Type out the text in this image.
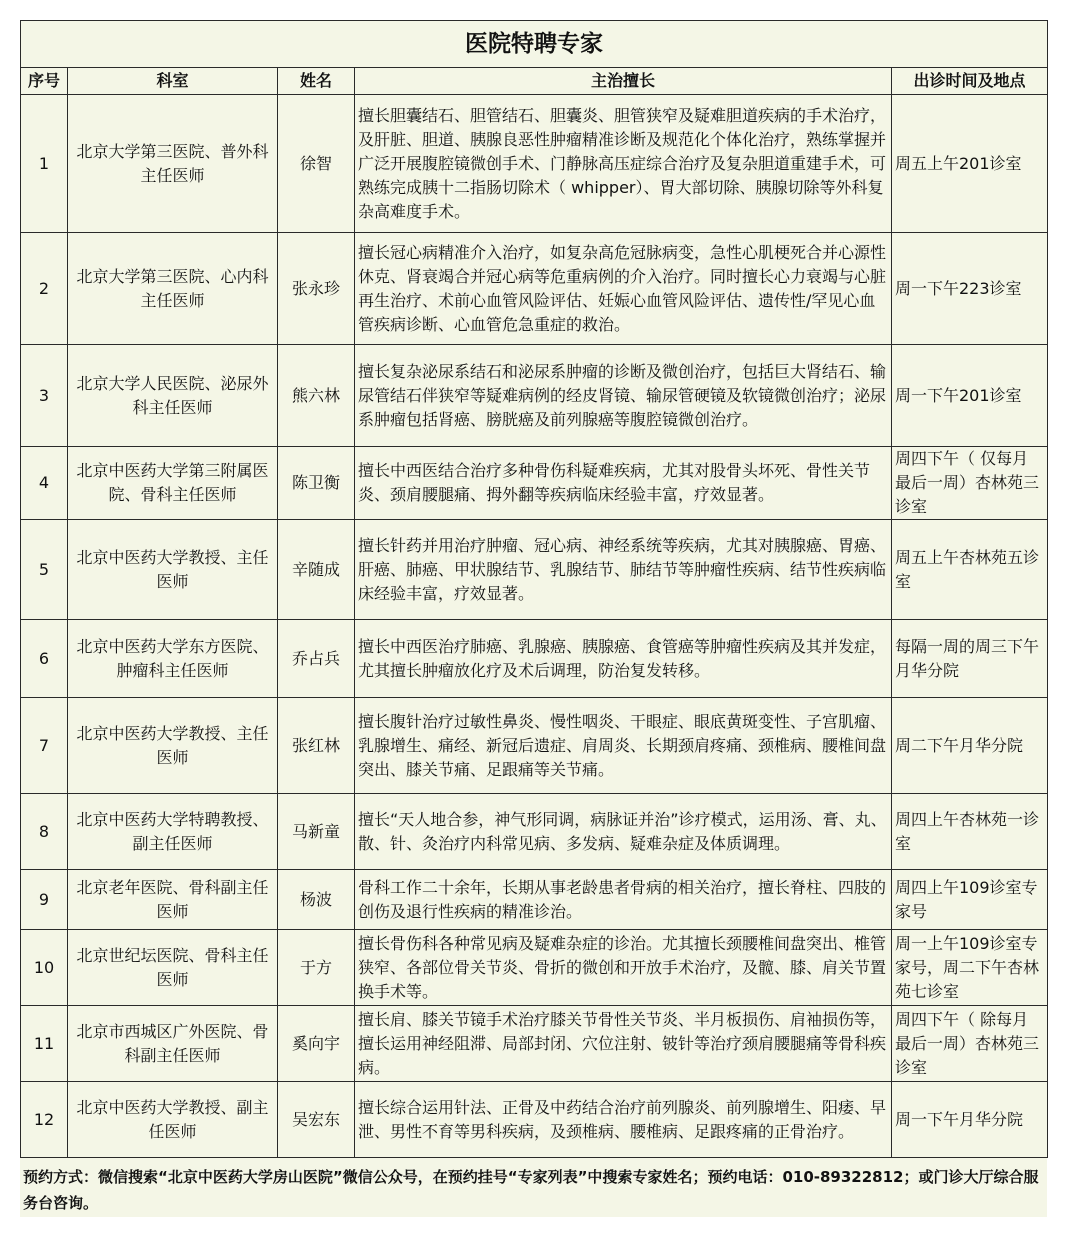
医院特聘专家				
序号	科室	姓名	主治擅长	出诊时间及地点
1	北京大学第三医院、普外科主任医师	徐智	擅长胆囊结石、胆管结石、胆囊炎、胆管狭窄及疑难胆道疾病的手术治疗，及肝脏、胆道、胰腺良恶性肿瘤精准诊断及规范化个体化治疗，熟练掌握并广泛开展腹腔镜微创手术、门静脉高压症综合治疗及复杂胆道重建手术，可熟练完成胰十二指肠切除术（ whipper）、胃大部切除、胰腺切除等外科复杂高难度手术。	周五上午201诊室
2	北京大学第三医院、心内科主任医师	张永珍	擅长冠心病精准介入治疗，如复杂高危冠脉病变，急性心肌梗死合并心源性休克、肾衰竭合并冠心病等危重病例的介入治疗。同时擅长心力衰竭与心脏再生治疗、术前心血管风险评估、妊娠心血管风险评估、遗传性/罕见心血管疾病诊断、心血管危急重症的救治。	周一下午223诊室
3	北京大学人民医院、泌尿外科主任医师	熊六林	擅长复杂泌尿系结石和泌尿系肿瘤的诊断及微创治疗，包括巨大肾结石、输尿管结石伴狭窄等疑难病例的经皮肾镜、输尿管硬镜及软镜微创治疗；泌尿系肿瘤包括肾癌、膀胱癌及前列腺癌等腹腔镜微创治疗。	周一下午201诊室
4	北京中医药大学第三附属医院、骨科主任医师	陈卫衡	擅长中西医结合治疗多种骨伤科疑难疾病，尤其对股骨头坏死、骨性关节炎、颈肩腰腿痛、拇外翻等疾病临床经验丰富，疗效显著。	周四下午（ 仅每月最后一周）杏林苑三诊室
5	北京中医药大学教授、主任医师	辛随成	擅长针药并用治疗肿瘤、冠心病、神经系统等疾病，尤其对胰腺癌、胃癌、肝癌、肺癌、甲状腺结节、乳腺结节、肺结节等肿瘤性疾病、结节性疾病临床经验丰富，疗效显著。	周五上午杏林苑五诊室
6	北京中医药大学东方医院、肿瘤科主任医师	乔占兵	擅长中西医治疗肺癌、乳腺癌、胰腺癌、食管癌等肿瘤性疾病及其并发症，尤其擅长肿瘤放化疗及术后调理，防治复发转移。	每隔一周的周三下午月华分院
7	北京中医药大学教授、主任医师	张红林	擅长腹针治疗过敏性鼻炎、慢性咽炎、干眼症、眼底黄斑变性、子宫肌瘤、乳腺增生、痛经、新冠后遗症、肩周炎、长期颈肩疼痛、颈椎病、腰椎间盘突出、膝关节痛、足跟痛等关节痛。	周二下午月华分院
8	北京中医药大学特聘教授、副主任医师	马新童	擅长“天人地合参，神气形同调，病脉证并治”诊疗模式，运用汤、膏、丸、散、针、灸治疗内科常见病、多发病、疑难杂症及体质调理。	周四上午杏林苑一诊室
9	北京老年医院、骨科副主任医师	杨波	骨科工作二十余年，长期从事老龄患者骨病的相关治疗，擅长脊柱、四肢的创伤及退行性疾病的精准诊治。	周四上午109诊室专家号
10	北京世纪坛医院、骨科主任医师	于方	擅长骨伤科各种常见病及疑难杂症的诊治。尤其擅长颈腰椎间盘突出、椎管狭窄、各部位骨关节炎、骨折的微创和开放手术治疗，及髋、膝、肩关节置换手术等。	周一上午109诊室专家号，周二下午杏林苑七诊室
11	北京市西城区广外医院、骨科副主任医师	奚向宇	擅长肩、膝关节镜手术治疗膝关节骨性关节炎、半月板损伤、肩袖损伤等，擅长运用神经阻滞、局部封闭、穴位注射、铍针等治疗颈肩腰腿痛等骨科疾病。	周四下午（ 除每月最后一周）杏林苑三诊室
12	北京中医药大学教授、副主任医师	吴宏东	擅长综合运用针法、正骨及中药结合治疗前列腺炎、前列腺增生、阳痿、早泄、男性不育等男科疾病，及颈椎病、腰椎病、足跟疼痛的正骨治疗。	周一下午月华分院
预约方式：微信搜索“北京中医药大学房山医院”微信公众号，在预约挂号“专家列表”中搜索专家姓名；预约电话：010-89322812；或门诊大厅综合服务台咨询。
